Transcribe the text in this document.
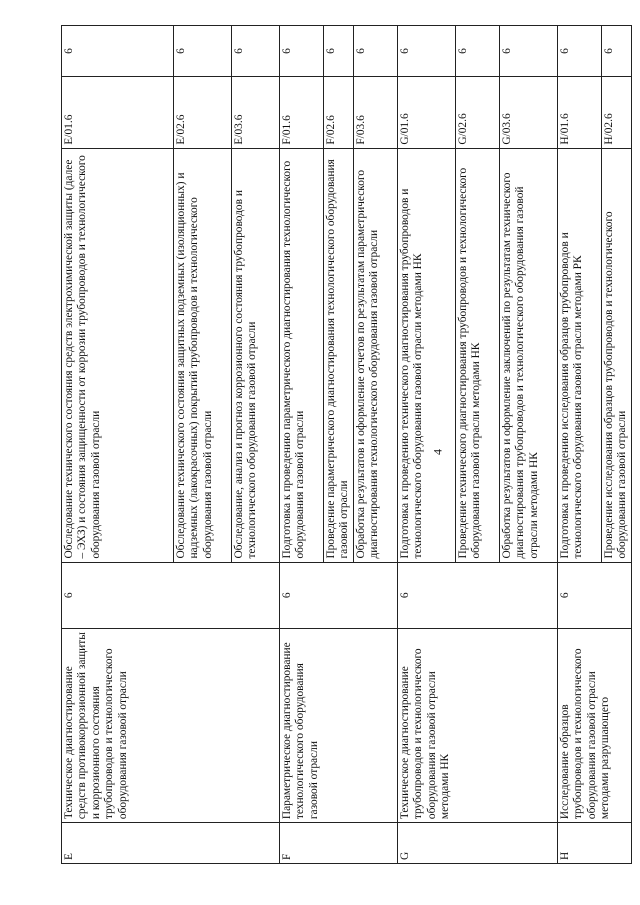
4
E	Техническое диагностирование средств противокоррозионной защиты и коррозионного состояния трубопроводов и технологического оборудования газовой отрасли	6	Обследование технического состояния средств электрохимической защиты (далее – ЭХЗ) и состояния защищенности от коррозии трубопроводов и технологического оборудования газовой отрасли	E/01.6	6
			Обследование технического состояния защитных подземных (изоляционных) и надземных (лакокрасочных) покрытий трубопроводов и технологического оборудования газовой отрасли	E/02.6	6
			Обследование, анализ и прогноз коррозионного состояния трубопроводов и технологического оборудования газовой отрасли	E/03.6	6
F	Параметрическое диагностирование технологического оборудования газовой отрасли	6	Подготовка к проведению параметрического диагностирования технологического оборудования газовой отрасли	F/01.6	6
			Проведение параметрического диагностирования технологического оборудования газовой отрасли	F/02.6	6
			Обработка результатов и оформление отчетов по результатам параметрического диагностирования технологического оборудования газовой отрасли	F/03.6	6
G	Техническое диагностирование трубопроводов и технологического оборудования газовой отрасли методами НК	6	Подготовка к проведению технического диагностирования трубопроводов и технологического оборудования газовой отрасли методами НК	G/01.6	6
			Проведение технического диагностирования трубопроводов и технологического оборудования газовой отрасли методами НК	G/02.6	6
			Обработка результатов и оформление заключений по результатам технического диагностирования трубопроводов и технологического оборудования газовой отрасли методами НК	G/03.6	6
H	Исследование образцов трубопроводов и технологического оборудования газовой отрасли методами разрушающего	6	Подготовка к проведению исследования образцов трубопроводов и технологического оборудования газовой отрасли методами РК	H/01.6	6
			Проведение исследования образцов трубопроводов и технологического оборудования газовой отрасли	H/02.6	6
